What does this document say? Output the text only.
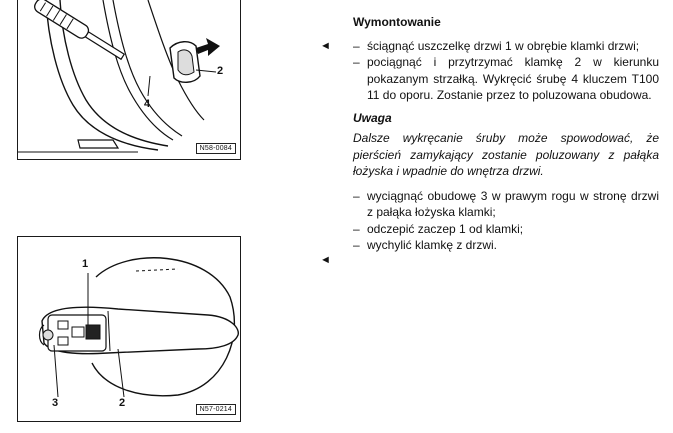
2
4
N58-0084
1
3	2
N57-0214
◄
◄
Wymontowanie
– ściągnąć uszczelkę drzwi 1 w obrębie klamki drzwi;
– pociągnąć i przytrzymać klamkę 2 w kierunku pokazanym strzałką. Wykręcić śrubę 4 kluczem T100 11 do oporu. Zostanie przez to poluzowana obudowa.
Uwaga
Dalsze wykręcanie śruby może spowodować, że pierścień zamykający zostanie poluzowany z pałąka łożyska i wpadnie do wnętrza drzwi.
– wyciągnąć obudowę 3 w prawym rogu w stronę drzwi z pałąka łożyska klamki;
– odczepić zaczep 1 od klamki;
– wychylić klamkę z drzwi.
